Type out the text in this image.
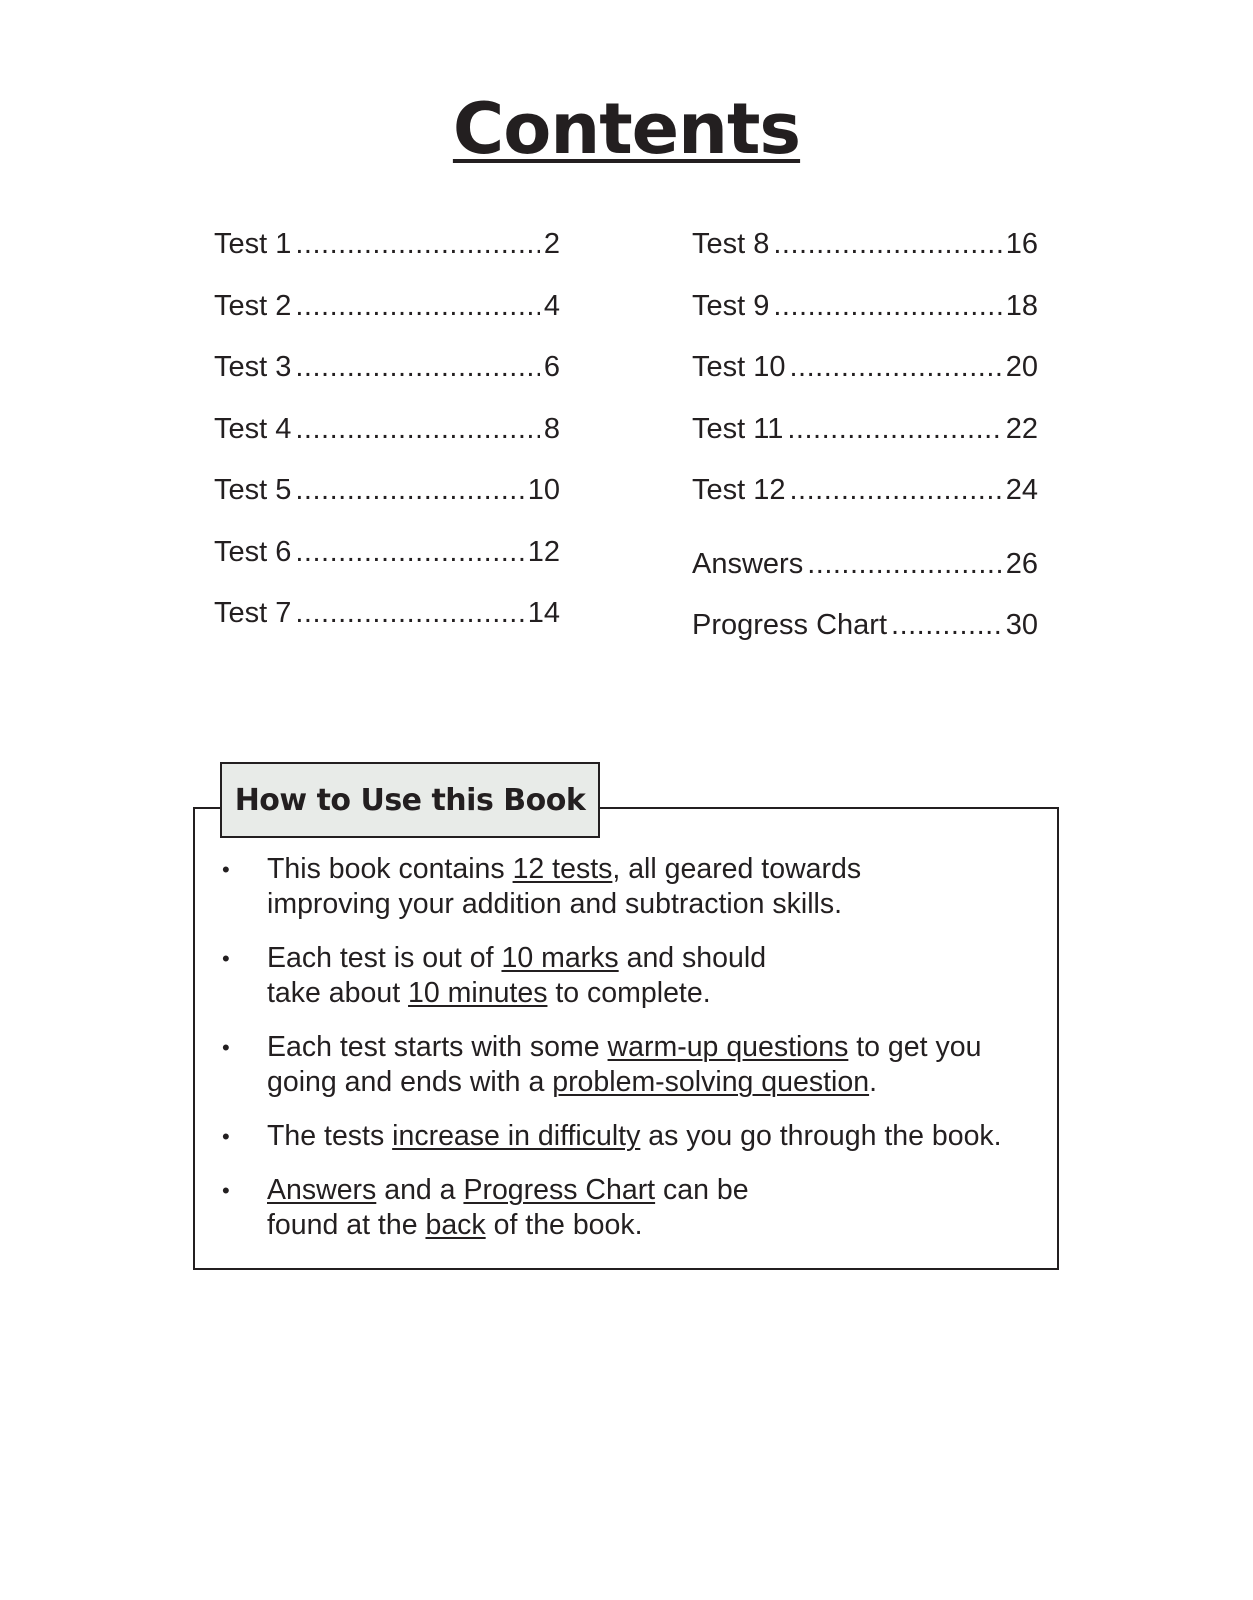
Contents
Test 1 .....	2
Test 2 .....	4
Test 3 .....	6
Test 4 .....	8
Test 5 .....	10
Test 6 .....	12
Test 7 .....	14
Test 8 .....	16
Test 9 .....	18
Test 10 .....	20
Test 11 .....	22
Test 12 .....	24
Answers .....	26
Progress Chart .....	30
How to Use this Book
• This book contains 12 tests, all geared towards
improving your addition and subtraction skills.
• Each test is out of 10 marks and should
take about 10 minutes to complete.
• Each test starts with some warm-up questions to get you
going and ends with a problem-solving question.
• The tests increase in difficulty as you go through the book.
• Answers and a Progress Chart can be
found at the back of the book.
